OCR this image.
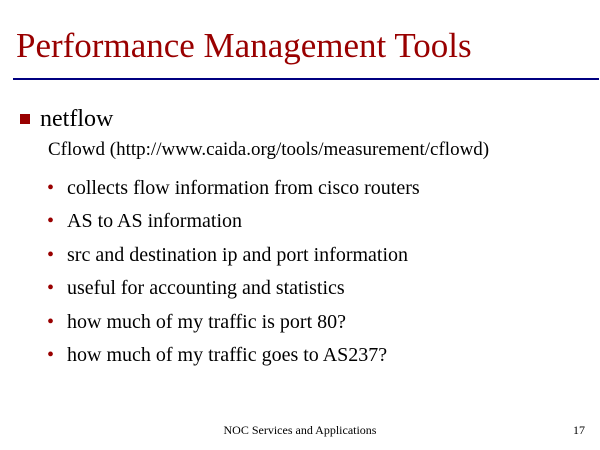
Performance Management Tools
netflow
Cflowd (http://www.caida.org/tools/measurement/cflowd)
• collects flow information from cisco routers
• AS to AS information
• src and destination ip and port information
• useful for accounting and statistics
• how much of my traffic is port 80?
• how much of my traffic goes to AS237?
NOC Services and Applications	17
